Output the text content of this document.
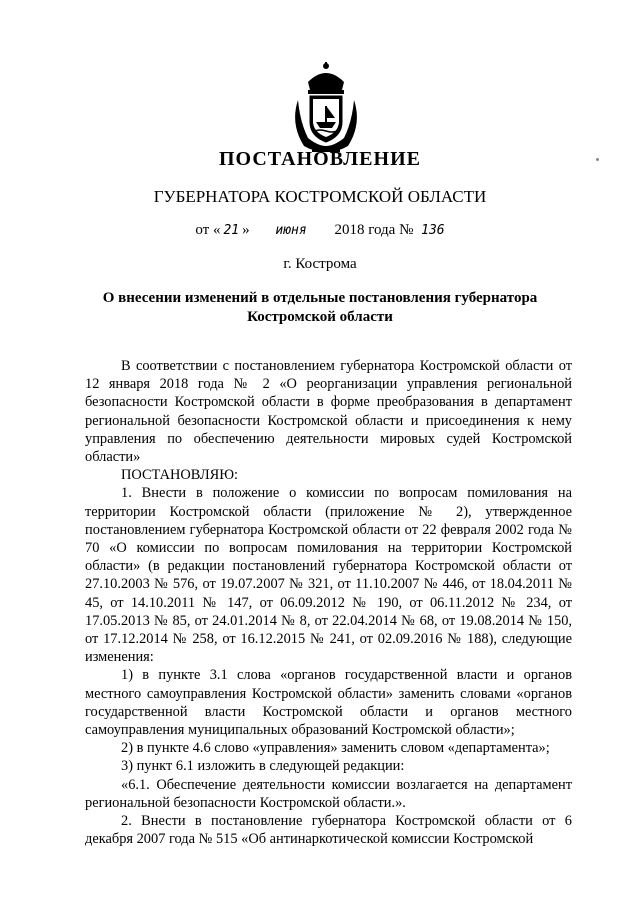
ПОСТАНОВЛЕНИЕ
ГУБЕРНАТОРА КОСТРОМСКОЙ ОБЛАСТИ
от « 21 » июня 2018 года № 136
г. Кострома
О внесении изменений в отдельные постановления губернатора Костромской области

В соответствии с постановлением губернатора Костромской области от 12 января 2018 года № 2 «О реорганизации управления региональной безопасности Костромской области в форме преобразования в департамент региональной безопасности Костромской области и присоединения к нему управления по обеспечению деятельности мировых судей Костромской области»

ПОСТАНОВЛЯЮ:

1. Внести в положение о комиссии по вопросам помилования на территории Костромской области (приложение № 2), утвержденное постановлением губернатора Костромской области от 22 февраля 2002 года № 70 «О комиссии по вопросам помилования на территории Костромской области» (в редакции постановлений губернатора Костромской области от 27.10.2003 № 576, от 19.07.2007 № 321, от 11.10.2007 № 446, от 18.04.2011 № 45, от 14.10.2011 № 147, от 06.09.2012 № 190, от 06.11.2012 № 234, от 17.05.2013 № 85, от 24.01.2014 № 8, от 22.04.2014 № 68, от 19.08.2014 № 150, от 17.12.2014 № 258, от 16.12.2015 № 241, от 02.09.2016 № 188), следующие изменения:

1) в пункте 3.1 слова «органов государственной власти и органов местного самоуправления Костромской области» заменить словами «органов государственной власти Костромской области и органов местного самоуправления муниципальных образований Костромской области»;

2) в пункте 4.6 слово «управления» заменить словом «департамента»;

3) пункт 6.1 изложить в следующей редакции:

«6.1. Обеспечение деятельности комиссии возлагается на департамент региональной безопасности Костромской области.».

2. Внести в постановление губернатора Костромской области от 6 декабря 2007 года № 515 «Об антинаркотической комиссии Костромской
